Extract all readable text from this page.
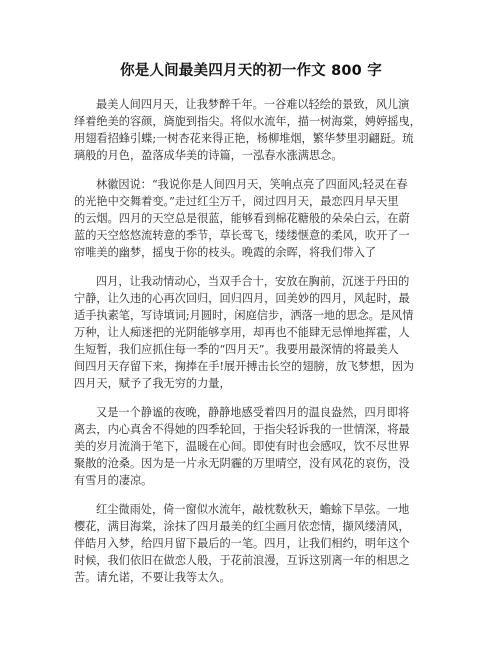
你是人间最美四月天的初一作文 800 字

最美人间四月天，让我梦醉千年。一谷难以轻绘的景致，风儿演
绎着绝美的容颜，旖旎到指尖。将似水流年，描一树海棠，娉婷摇曳，
用翅看招蜂引蝶;一树杏花来得正艳，杨柳堆烟，繁华梦里羽翩跹。琉
璃般的月色，盈落成华美的诗篇，一泓春水涨满思念。

林徽因说：“我说你是人间四月天，笑响点亮了四面风;轻灵在春
的光艳中交舞着变。”走过红尘万千，阅过四月天，最恋四月早天里
的云烟。四月的天空总是很蓝，能够看到棉花糖般的朵朵白云，在蔚
蓝的天空悠悠流转意的季节，草长莺飞，缕缕惬意的柔风，吹开了一
帘唯美的幽梦，摇曳于你的枝头。晚霞的余晖，将我们带入了

四月，让我动情动心，当双手合十，安放在胸前，沉迷于丹田的
宁静，让久违的心再次回归，回归四月，回美妙的四月，风起时，最
适手执素笔，写诗填词;月圆时，闲庭信步，洒落一地的思念。是风情
万种，让人痴迷把的光阴能够享用，却再也不能肆无忌惮地挥霍，人
生短暂，我们应抓住每一季的“四月天”。我要用最深情的将最美人
间四月天存留下来，掬捧在手!展开搏击长空的翅膀，放飞梦想，因为
四月天，赋予了我无穷的力量，

又是一个静谧的夜晚，静静地感受着四月的温良盎然，四月即将
离去，内心真舍不得她的四季轮回，于指尖轻诉我的一世情深，将最
美的岁月流淌于笔下，温暖在心间。即使有时也会感叹，饮不尽世界
聚散的沧桑。因为是一片永无阴霾的万里晴空，没有风花的哀伤，没
有雪月的凄凉。

红尘微雨处，倚一窗似水流年，敲枕数秋天，蟾蜍下旱弦。一地
樱花，满目海棠，涂抹了四月最美的红尘画月依恋情，撷风缕清风，
伴皓月入梦，给四月留下最后的一笔。四月，让我们相约，明年这个
时候，我们依旧在做恋人般，于花前浪漫，互诉这别离一年的相思之
苦。请允诺，不要让我等太久。
